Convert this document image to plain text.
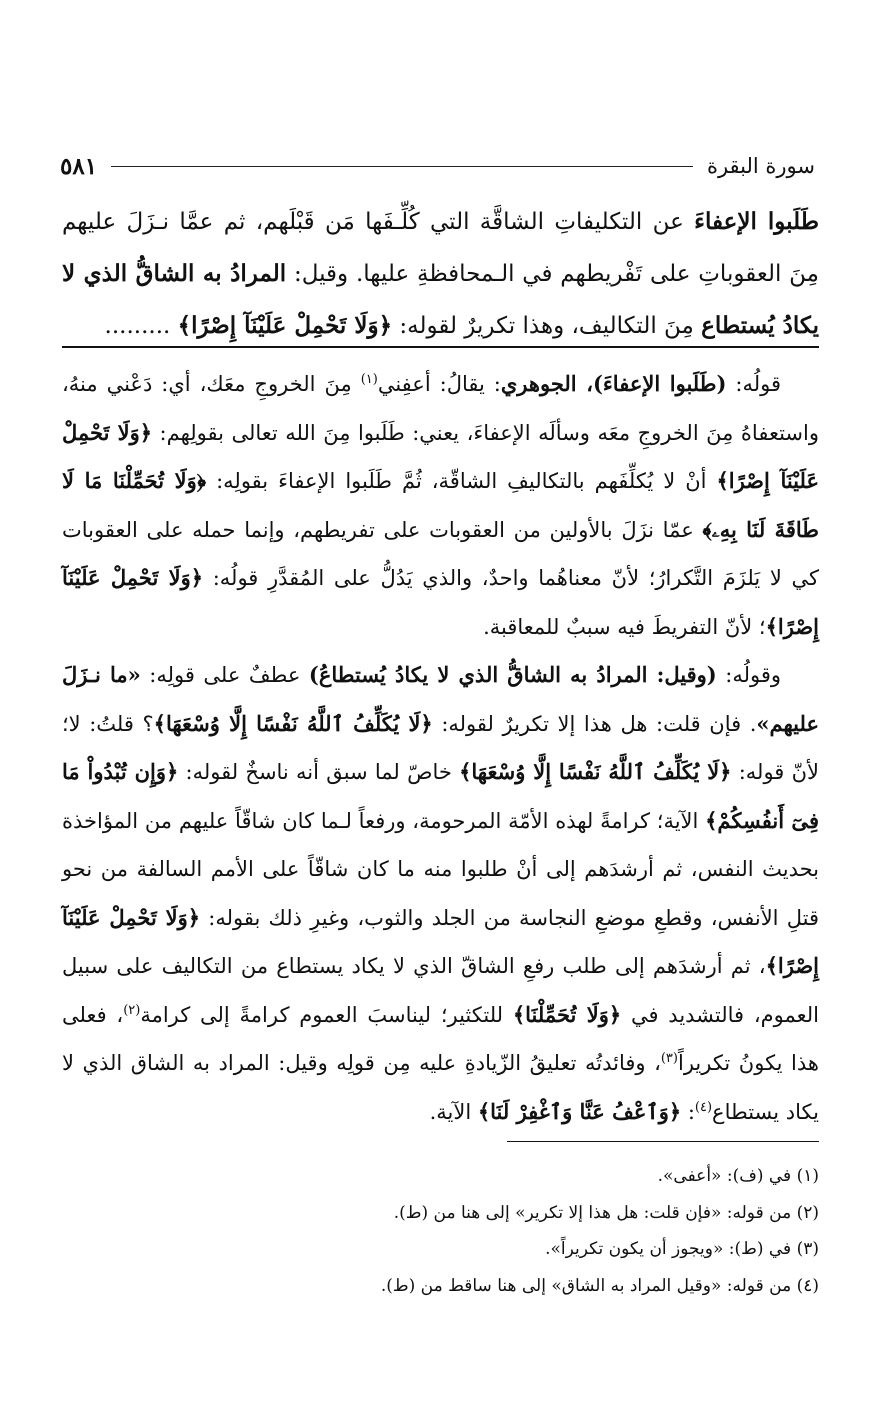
سورة البقرة
٥٨١
طَلَبوا الإعفاءَ عن التكليفاتِ الشاقَّة التي كُلِّـفَها مَن قَبْلَهم، ثم عمَّا نـزَلَ عليهم مِنَ العقوباتِ على تَفْريطهم في الـمحافظةِ عليها. وقيل: المرادُ به الشاقُّ الذي لا يكادُ يُستطاع مِنَ التكاليف، وهذا تكريرٌ لقوله: ﴿وَلَا تَحْمِلْ عَلَيْنَآ إِصْرًا﴾ .........

قولُه: (طَلَبوا الإعفاءَ)، الجوهري: يقالُ: أعفِني$^{(١)}$ مِنَ الخروجِ معَك، أي: دَعْني منهُ، واستعفاهُ مِنَ الخروجِ معَه وسألَه الإعفاءَ، يعني: طَلَبوا مِنَ الله تعالى بقولِهم: ﴿وَلَا تَحْمِلْ عَلَيْنَآ إِصْرًا﴾ أنْ لا يُكلِّفَهم بالتكاليفِ الشاقّة، ثُمَّ طَلَبوا الإعفاءَ بقولِه: ﴿وَلَا تُحَمِّلْنَا مَا لَا طَاقَةَ لَنَا بِهِۦ﴾ عمّا نزَلَ بالأولين من العقوبات على تفريطهم، وإنما حمله على العقوبات كي لا يَلزَمَ التَّكرارُ؛ لأنّ معناهُما واحدٌ، والذي يَدُلُّ على المُقدَّرِ قولُه: ﴿وَلَا تَحْمِلْ عَلَيْنَآ إِصْرًا﴾؛ لأنّ التفريطَ فيه سببٌ للمعاقبة.

وقولُه: (وقيل: المرادُ به الشاقُّ الذي لا يكادُ يُستطاعُ) عطفٌ على قولِه: «ما نـزَلَ عليهم». فإن قلت: هل هذا إلا تكريرٌ لقوله: ﴿لَا يُكَلِّفُ ٱللَّهُ نَفْسًا إِلَّا وُسْعَهَا﴾؟ قلتُ: لا؛ لأنّ قوله: ﴿لَا يُكَلِّفُ ٱللَّهُ نَفْسًا إِلَّا وُسْعَهَا﴾ خاصّ لما سبق أنه ناسخٌ لقوله: ﴿وَإِن تُبْدُواْ مَا فِىٓ أَنفُسِكُمْ﴾ الآية؛ كرامةً لهذه الأمّة المرحومة، ورفعاً لـما كان شاقّاً عليهم من المؤاخذة بحديث النفس، ثم أرشدَهم إلى أنْ طلبوا منه ما كان شاقّاً على الأمم السالفة من نحو قتلِ الأنفس، وقطعِ موضعِ النجاسة من الجلد والثوب، وغيرِ ذلك بقوله: ﴿وَلَا تَحْمِلْ عَلَيْنَآ إِصْرًا﴾، ثم أرشدَهم إلى طلب رفعِ الشاقّ الذي لا يكاد يستطاع من التكاليف على سبيل العموم، فالتشديد في ﴿وَلَا تُحَمِّلْنَا﴾ للتكثير؛ ليناسبَ العموم كرامةً إلى كرامة$^{(٢)}$، فعلى هذا يكونُ تكريراً$^{(٣)}$، وفائدتُه تعليقُ الزّيادةِ عليه مِن قولِه وقيل: المراد به الشاق الذي لا يكاد يستطاع$^{(٤)}$: ﴿وَٱعْفُ عَنَّا وَٱغْفِرْ لَنَا﴾ الآية.

(١) في (ف): «أعفى».
(٢) من قوله: «فإن قلت: هل هذا إلا تكرير» إلى هنا من (ط).
(٣) في (ط): «ويجوز أن يكون تكريراً».
(٤) من قوله: «وقيل المراد به الشاق» إلى هنا ساقط من (ط).
